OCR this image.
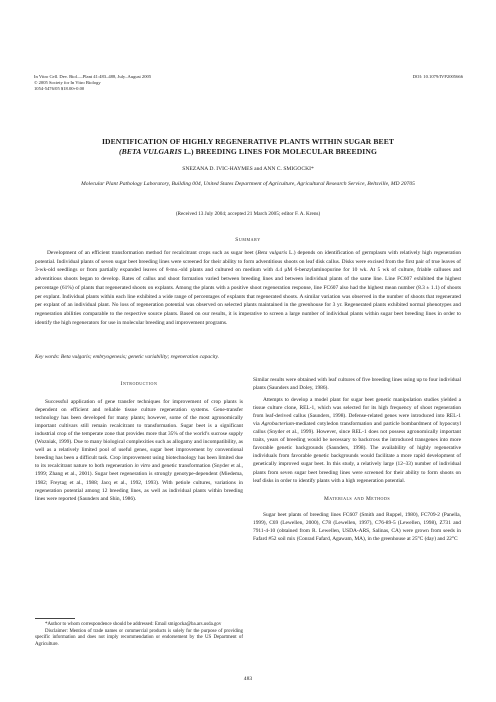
In Vitro Cell. Dev. Biol.—Plant 41:483–488, July–August 2005
© 2005 Society for In Vitro Biology
1054-5476/05 $18.00+0.00
DOI: 10.1079/IVP2005666
IDENTIFICATION OF HIGHLY REGENERATIVE PLANTS WITHIN SUGAR BEET
(BETA VULGARIS L.) BREEDING LINES FOR MOLECULAR BREEDING
SNEZANA D. IVIC-HAYMES and ANN C. SMIGOCKI*
Molecular Plant Pathology Laboratory, Building 004, United States Department of Agriculture, Agricultural Research Service, Beltsville, MD 20705
(Received 13 July 2004; accepted 21 March 2005; editor F. A. Krens)
Summary
Development of an efficient transformation method for recalcitrant crops such as sugar beet (Beta vulgaris L.) depends on identification of germplasm with relatively high regeneration potential. Individual plants of seven sugar beet breeding lines were screened for their ability to form adventitious shoots on leaf disk callus. Disks were excised from the first pair of true leaves of 3-wk-old seedlings or from partially expanded leaves of 8-mo.-old plants and cultured on medium with 4.4 μM 6-benzylaminopurine for 10 wk. At 5 wk of culture, friable calluses and adventitious shoots began to develop. Rates of callus and shoot formation varied between breeding lines and between individual plants of the same line. Line FC607 exhibited the highest percentage (61%) of plants that regenerated shoots on explants. Among the plants with a positive shoot regeneration response, line FC607 also had the highest mean number (8.3 ± 1.1) of shoots per explant. Individual plants within each line exhibited a wide range of percentages of explants that regenerated shoots. A similar variation was observed in the number of shoots that regenerated per explant of an individual plant. No loss of regeneration potential was observed on selected plants maintained in the greenhouse for 3 yr. Regenerated plants exhibited normal phenotypes and regeneration abilities comparable to the respective source plants. Based on our results, it is imperative to screen a large number of individual plants within sugar beet breeding lines in order to identify the high regenerators for use in molecular breeding and improvement programs.
Key words: Beta vulgaris; embryogenesis; genetic variability; regeneration capacity.
Introduction

Successful application of gene transfer techniques for improvement of crop plants is dependent on efficient and reliable tissue culture regeneration systems. Gene-transfer technology has been developed for many plants; however, some of the most agronomically important cultivars still remain recalcitrant to transformation. Sugar beet is a significant industrial crop of the temperate zone that provides more that 35% of the world’s sucrose supply (Wozniak, 1999). Due to many biological complexities such as allogamy and incompatibility, as well as a relatively limited pool of useful genes, sugar beet improvement by conventional breeding has been a difficult task. Crop improvement using biotechnology has been limited due to its recalcitrant nature to both regeneration in vitro and genetic transformation (Snyder et al., 1999; Zhang et al., 2001). Sugar beet regeneration is strongly genotype-dependent (Miedema, 1982; Freytag et al., 1988; Jacq et al., 1992, 1993). With petiole cultures, variations in regeneration potential among 12 breeding lines, as well as individual plants within breeding lines were reported (Saunders and Shin, 1986).

Similar results were obtained with leaf cultures of five breeding lines using up to four individual plants (Saunders and Doley, 1986).

Attempts to develop a model plant for sugar beet genetic manipulation studies yielded a tissue culture clone, REL-1, which was selected for its high frequency of shoot regeneration from leaf-derived callus (Saunders, 1998). Defense-related genes were introduced into REL-1 via Agrobacterium-mediated cotyledon transformation and particle bombardment of hypocotyl callus (Snyder et al., 1999). However, since REL-1 does not possess agronomically important traits, years of breeding would be necessary to backcross the introduced transgenes into more favorable genetic backgrounds (Saunders, 1998). The availability of highly regenerative individuals from favorable genetic backgrounds would facilitate a more rapid development of genetically improved sugar beet. In this study, a relatively large (12–33) number of individual plants from seven sugar beet breeding lines were screened for their ability to form shoots on leaf disks in order to identify plants with a high regeneration potential.

Materials and Methods

Sugar beet plants of breeding lines FC607 (Smith and Ruppel, 1980), FC709-2 (Panella, 1999), C69 (Lewellen, 2000), C78 (Lewellen, 1997), C76-89-5 (Lewellen, 1998), Z731 and 7911-4-10 (obtained from R. Lewellen, USDA-ARS, Salinas, CA) were grown from seeds in Fafard #52 soil mix (Conrad Fafard, Agawam, MA), in the greenhouse at 25°C (day) and 22°C

*Author to whom correspondence should be addressed: Email smigocka@ba.ars.usda.gov

Disclaimer: Mention of trade names or commercial products is solely for the purpose of providing specific information and does not imply recommendation or endorsement by the US Department of Agriculture.

483
